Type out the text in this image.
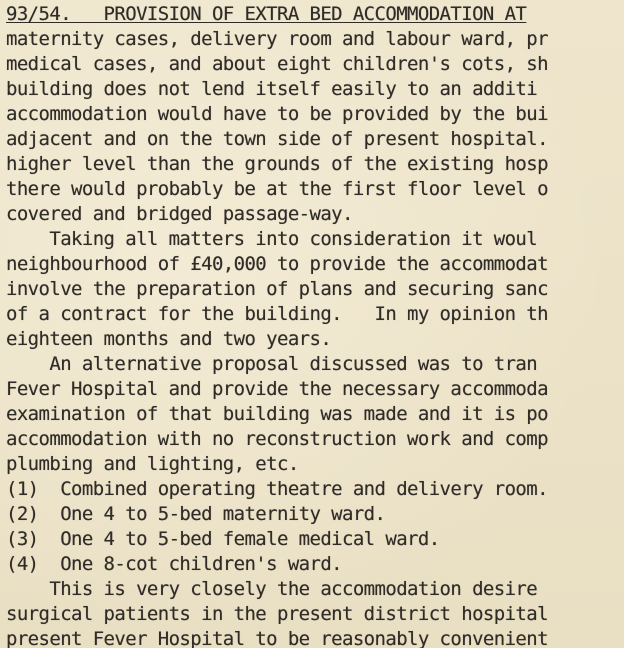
93/54.   PROVISION OF EXTRA BED ACCOMMODATION AT
maternity cases, delivery room and labour ward, pr
medical cases, and about eight children's cots, sh
building does not lend itself easily to an additi
accommodation would have to be provided by the bui
adjacent and on the town side of present hospital.
higher level than the grounds of the existing hosp
there would probably be at the first floor level o
covered and bridged passage-way.
Taking all matters into consideration it woul
neighbourhood of £40,000 to provide the accommodat
involve the preparation of plans and securing sanc
of a contract for the building.   In my opinion th
eighteen months and two years.
An alternative proposal discussed was to tran
Fever Hospital and provide the necessary accommoda
examination of that building was made and it is po
accommodation with no reconstruction work and comp
plumbing and lighting, etc.
(1)  Combined operating theatre and delivery room.
(2)  One 4 to 5-bed maternity ward.
(3)  One 4 to 5-bed female medical ward.
(4)  One 8-cot children's ward.
This is very closely the accommodation desire
surgical patients in the present district hospital
present Fever Hospital to be reasonably convenient
